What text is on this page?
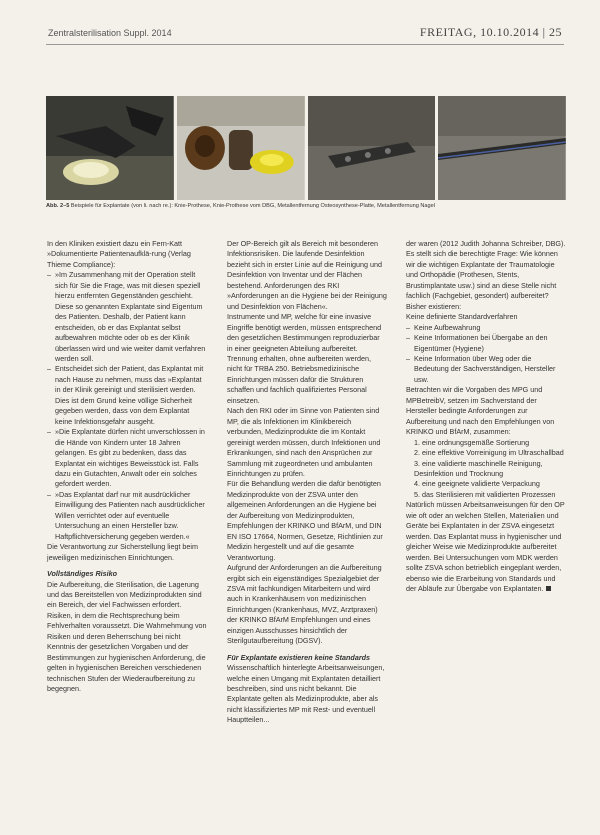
Zentralsterilisation Suppl. 2014	FREITAG, 10.10.2014 | 25
Abb. 2–5 Beispiele für Explantate (von li. nach re.): Knie-Prothese, Knie-Prothese vom DBG, Metallentfernung Osteosynthese-Platte, Metallentfernung Nagel

In den Kliniken existiert dazu ein Fern-Katt »Dokumentierte Patientenaufklä-rung (Verlag Thieme Compliance):

– »Im Zusammenhang mit der Operation stellt sich für Sie die Frage, was mit diesen speziell hierzu entfernten Gegenständen geschieht. Diese so genannten Explantate sind Eigentum des Patienten. Deshalb, der Patient kann entscheiden, ob er das Explantat selbst aufbewahren möchte oder ob es der Klinik überlassen wird und wie weiter damit verfahren werden soll.
– Entscheidet sich der Patient, das Explantat mit nach Hause zu nehmen, muss das »Explantat in der Klinik gereinigt und sterilisiert werden. Dies ist dem Grund keine völlige Sicherheit gegeben werden, dass von dem Explantat keine Infektionsgefahr ausgeht.
– »Die Explantate dürfen nicht unverschlossen in die Hände von Kindern unter 18 Jahren gelangen. Es gibt zu bedenken, dass das Explantat ein wichtiges Beweisstück ist. Falls dazu ein Gutachten, Anwalt oder ein solches gefordert werden.
– »Das Explantat darf nur mit ausdrücklicher Einwilligung des Patienten nach ausdrücklicher Willen verrichtet oder auf eventuelle Untersuchung an einen Hersteller bzw. Haftpflichtversicherung gegeben werden.«

Die Verantwortung zur Sicherstellung liegt beim jeweiligen medizinischen Einrichtungen.

Vollständiges Risiko

Die Aufbereitung, die Sterilisation, die Lagerung und das Bereitstellen von Medizinprodukten sind ein Bereich, der viel Fachwissen erfordert. Risiken, in dem die Rechtsprechung beim Fehlverhalten voraussetzt. Die Wahrnehmung von Risiken und deren Beherrschung bei nicht Kenntnis der gesetzlichen Vorgaben und der Bestimmungen zur hygienischen Anforderung, die gelten in hygienischen Bereichen verschiedenen technischen Stufen der Wiederaufbereitung zu begegnen.

Der OP-Bereich gilt als Bereich mit besonderen Infektionsrisiken. Die laufende Desinfektion bezieht sich in erster Linie auf die Reinigung und Desinfektion von Inventar und der Flächen bestehend. Anforderungen des RKI »Anforderungen an die Hygiene bei der Reinigung und Desinfektion von Flächen«.

Instrumente und MP, welche für eine invasive Eingriffe benötigt werden, müssen entsprechend den gesetzlichen Bestimmungen reproduzierbar in einer geeigneten Abteilung aufbereitet. Trennung erhalten, ohne aufbereiten werden, nicht für TRBA 250. Betriebsmedizinische Einrichtungen müssen dafür die Strukturen schaffen und fachlich qualifiziertes Personal einsetzen.

Nach den RKI oder im Sinne von Patienten sind MP, die als Infektionen im Klinikbereich verbunden, Medizinprodukte die im Kontakt gereinigt werden müssen, durch Infektionen und Erkrankungen, sind nach den Ansprüchen zur Sammlung mit zugeordneten und ambulanten Einrichtungen zu prüfen.

Für die Behandlung werden die dafür benötigten Medizinprodukte von der ZSVA unter den allgemeinen Anforderungen an die Hygiene bei der Aufbereitung von Medizinprodukten, Empfehlungen der KRINKO und BfArM, und DIN EN ISO 17664, Normen, Gesetze, Richtlinien zur Medizin hergestellt und auf die gesamte Verantwortung.

Aufgrund der Anforderungen an die Aufbereitung ergibt sich ein eigenständiges Spezialgebiet der ZSVA mit fachkundigen Mitarbeitern und wird auch in Krankenhäusern von medizinischen Einrichtungen (Krankenhaus, MVZ, Arztpraxen) der KRINKO BfArM Empfehlungen und eines einzigen Ausschusses hinsichtlich der Sterilgutaufbereitung (DGSV).

Für Explantate existieren keine Standards

Wissenschaftlich hinterlegte Arbeitsanweisungen, welche einen Umgang mit Explantaten detailliert beschreiben, sind uns nicht bekannt. Die Explantate gelten als Medizinprodukte, aber als nicht klassifiziertes MP mit Rest- und eventuell Hauptteilen...

der waren (2012 Judith Johanna Schreiber, DBG).

Es stellt sich die berechtigte Frage: Wie können wir die wichtigen Explantate der Traumatologie und Orthopädie (Prothesen, Stents, Brustimplantate usw.) sind an diese Stelle nicht fachlich (Fachgebiet, gesondert) aufbereitet? Bisher existieren:

Keine definierte Standardverfahren

– Keine Aufbewahrung
– Keine Informationen bei Übergabe an den Eigentümer (Hygiene)
– Keine Information über Weg oder die Bedeutung der Sachverständigen, Hersteller usw.

Betrachten wir die Vorgaben des MPG und MPBetreibV, setzen im Sachverstand der Hersteller bedingte Anforderungen zur Aufbereitung und nach den Empfehlungen von KRINKO und BfArM, zusammen:

1. eine ordnungsgemäße Sortierung
2. eine effektive Vorreinigung im Ultraschallbad
3. eine validierte maschinelle Reinigung, Desinfektion und Trocknung
4. eine geeignete validierte Verpackung
5. das Sterilisieren mit validierten Prozessen

Natürlich müssen Arbeitsanweisungen für den OP wie oft oder an welchen Stellen, Materialien und Geräte bei Explantaten in der ZSVA eingesetzt werden. Das Explantat muss in hygienischer und gleicher Weise wie Medizinprodukte aufbereitet werden. Bei Untersuchungen vom MDK werden sollte ZSVA schon betrieblich eingeplant werden, ebenso wie die Erarbeitung von Standards und der Abläufe zur Übergabe von Explantaten.
